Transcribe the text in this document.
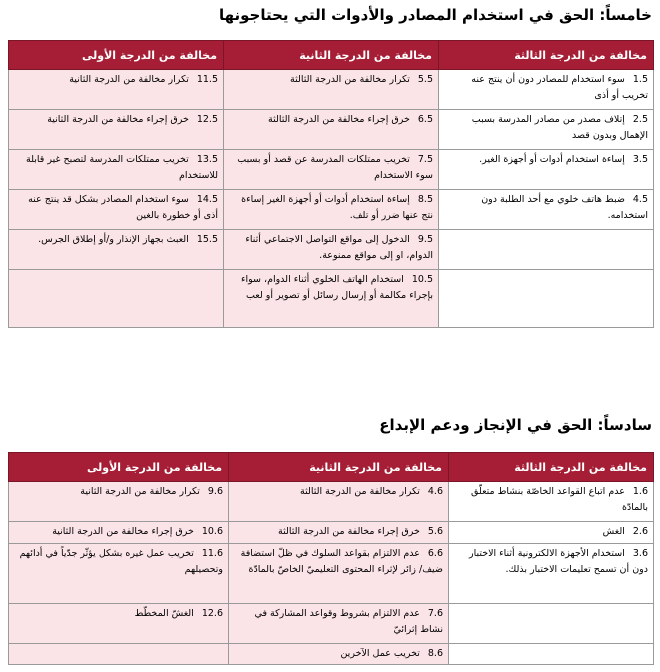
خامساً: الحق في استخدام المصادر والأدوات التي يحتاجونها
مخالفة من الدرجة الثالثة	مخالفة من الدرجة الثانية	مخالفة من الدرجة الأولى
1.5سوء استخدام للمصادر دون أن ينتج عنه تخريب أو أذى	5.5تكرار مخالفة من الدرجة الثالثة	11.5تكرار مخالفة من الدرجة الثانية
2.5إتلاف مصدر من مصادر المدرسة بسبب الإهمال وبدون قصد	6.5خرق إجراء مخالفة من الدرجة الثالثة	12.5خرق إجراء مخالفة من الدرجة الثانية
3.5إساءة استخدام أدوات أو أجهزة الغير.	7.5تخريب ممتلكات المدرسة عن قصد أو بسبب سوء الاستخدام	13.5تخريب ممتلكات المدرسة لتصبح غير قابلة للاستخدام
4.5ضبط هاتف خلوي مع أحد الطلبة دون استخدامه.	8.5إساءة استخدام أدوات أو أجهزة الغير إساءة نتج عنها ضرر أو تلف.	14.5سوء استخدام المصادر بشكل قد ينتج عنه أذى أو خطورة بالغين
	9.5الدخول إلى مواقع التواصل الاجتماعي أثناء الدوام، او إلى مواقع ممنوعة.	15.5العبث بجهاز الإنذار و/أو إطلاق الجرس.
	10.5استخدام الهاتف الخلوي أثناء الدوام، سواء بإجراء مكالمة أو إرسال رسائل أو تصوير أو لعب	
سادساً: الحق في الإنجاز ودعم الإبداع
مخالفة من الدرجة الثالثة	مخالفة من الدرجة الثانية	مخالفة من الدرجة الأولى
1.6عدم اتباع القواعد الخاصّة بنشاط متعلّق بالمادّة	4.6تكرار مخالفة من الدرجة الثالثة	9.6تكرار مخالفة من الدرجة الثانية
2.6الغش	5.6خرق إجراء مخالفة من الدرجة الثالثة	10.6خرق إجراء مخالفة من الدرجة الثانية
3.6استخدام الأجهزة الالكترونية أثناء الاختبار دون أن تسمح تعليمات الاختبار بذلك.	6.6عدم الالتزام بقواعد السلوك في ظلّ استضافة ضيف/ زائر لإثراء المحتوى التعليميّ الخاصّ بالمادّة	11.6تخريب عمل غيره بشكل يؤثّر جدّياً في أدائهم وتحصيلهم
	7.6عدم الالتزام بشروط وقواعد المشاركة في نشاط إثرائيّ	12.6الغشّ المخطّط
	8.6تخريب عمل الآخرين	
